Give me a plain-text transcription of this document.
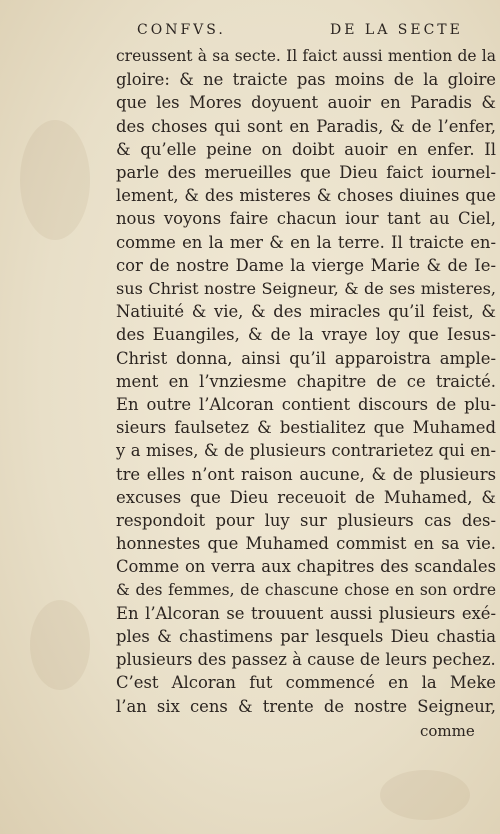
CONFVS.	DE LA SECTE
creussent à sa secte. Il faict aussi mention de la
gloire: & ne traicte pas moins de la gloire
que les Mores doyuent auoir en Paradis &
des choses qui sont en Paradis, & de l’enfer,
& qu’elle peine on doibt auoir en enfer. Il
parle des merueilles que Dieu faict iournel-
lement, & des misteres & choses diuines que
nous voyons faire chacun iour tant au Ciel,
comme en la mer & en la terre. Il traicte en-
cor de nostre Dame la vierge Marie & de Ie-
sus Christ nostre Seigneur, & de ses misteres,
Natiuité & vie, & des miracles qu’il feist, &
des Euangiles, & de la vraye loy que Iesus-
Christ donna, ainsi qu’il apparoistra ample-
ment en l’vnziesme chapitre de ce traicté.
En outre l’Alcoran contient discours de plu-
sieurs faulsetez & bestialitez que Muhamed
y a mises, & de plusieurs contrarietez qui en-
tre elles n’ont raison aucune, & de plusieurs
excuses que Dieu receuoit de Muhamed, &
respondoit pour luy sur plusieurs cas des-
honnestes que Muhamed commist en sa vie.
Comme on verra aux chapitres des scandales
& des femmes, de chascune chose en son ordre
En l’Alcoran se trouuent aussi plusieurs exé-
ples & chastimens par lesquels Dieu chastia
plusieurs des passez à cause de leurs pechez.
C’est Alcoran fut commencé en la Meke
l’an six cens & trente de nostre Seigneur,
comme
